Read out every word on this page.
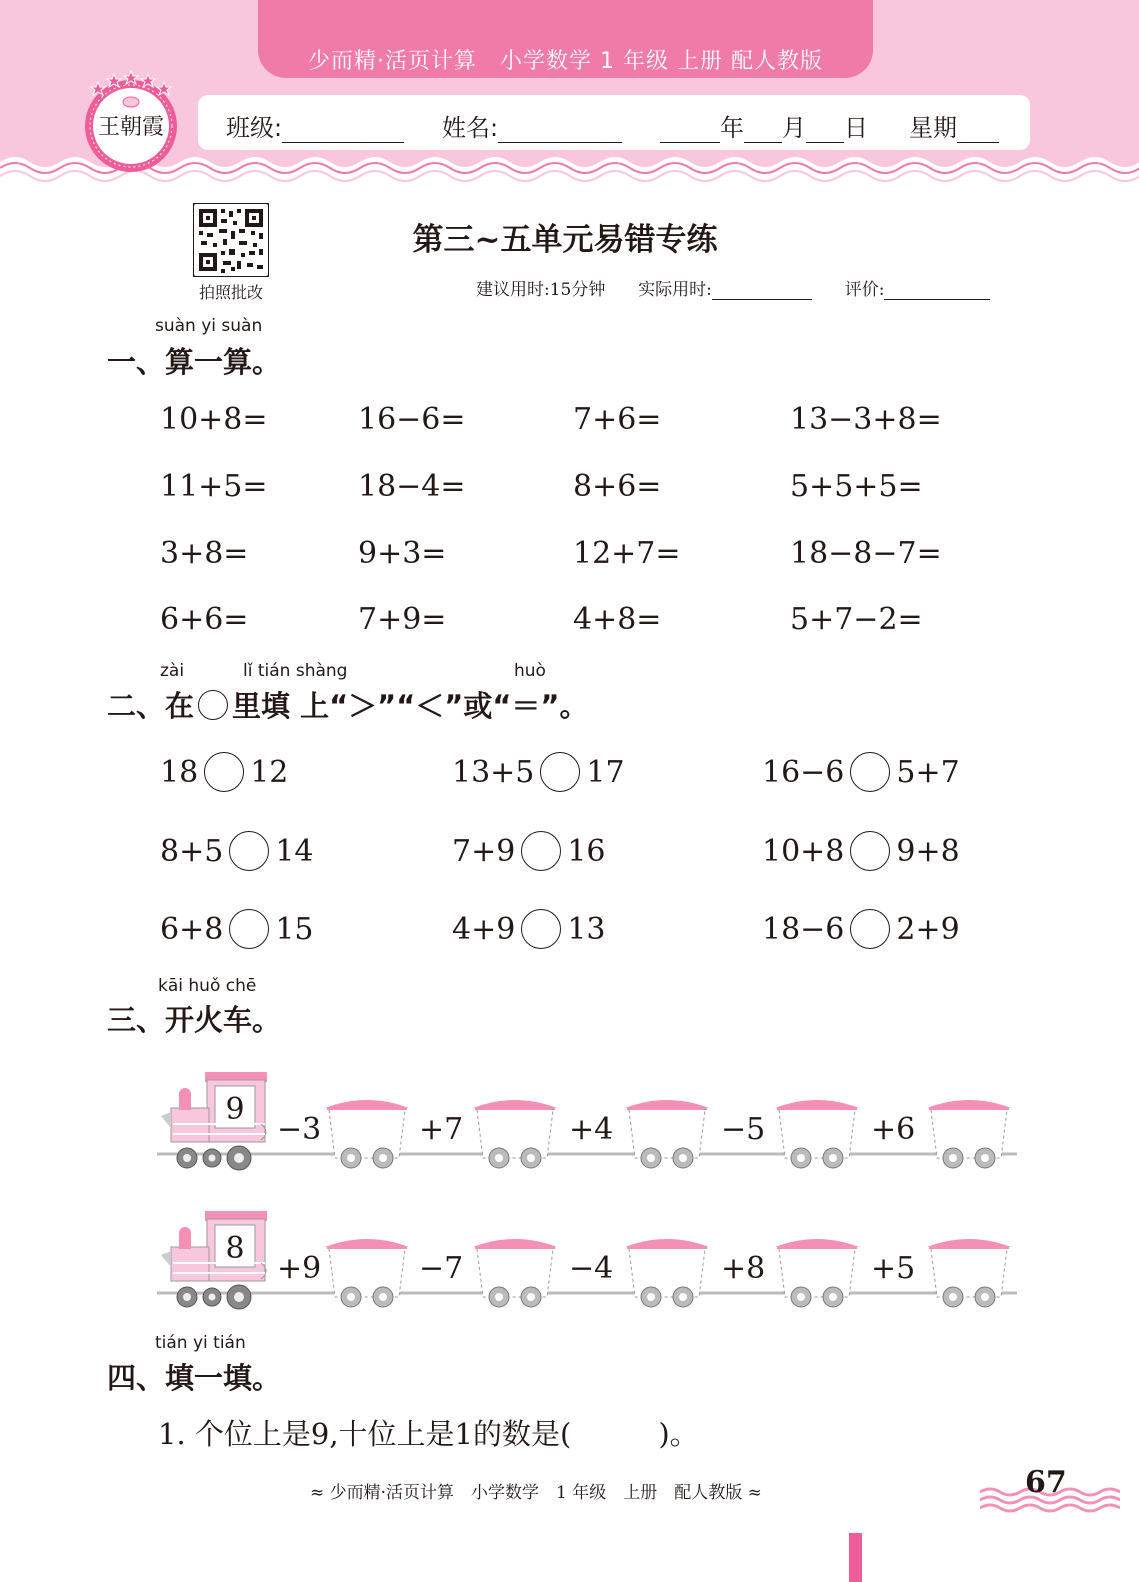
少而精·活页计算　小学数学 1 年级 上册 配人教版
班级:	姓名:	年 月 日 星期
王朝霞
拍照批改
第三~五单元易错专练
建议用时:15分钟 实际用时:	评价:
suàn yi suàn
一、算一算。
10+8=	16−6=	7+6=	13−3+8=
11+5=	18−4=	8+6=	5+5+5=
3+8=	9+3=	12+7=	18−8−7=
6+6=	7+9=	4+8=	5+7−2=
zài	lǐ tián shàng	huò
二、在 里填 上“＞”“＜”或“＝”。
18 12	13+5 17	16−6 5+7
8+5 14	7+9 16	10+8 9+8
6+8 15	4+9 13	18−6 2+9
kāi huǒ chē
三、开火车。
9
−3	+7	+4	−5	+6
8
+9	−7	−4	+8	+5
tián yi tián
四、填一填。
1. 个位上是9,十位上是1的数是(　　　)。
≈ 少而精·活页计算　小学数学　1 年级　上册　配人教版 ≈	67
